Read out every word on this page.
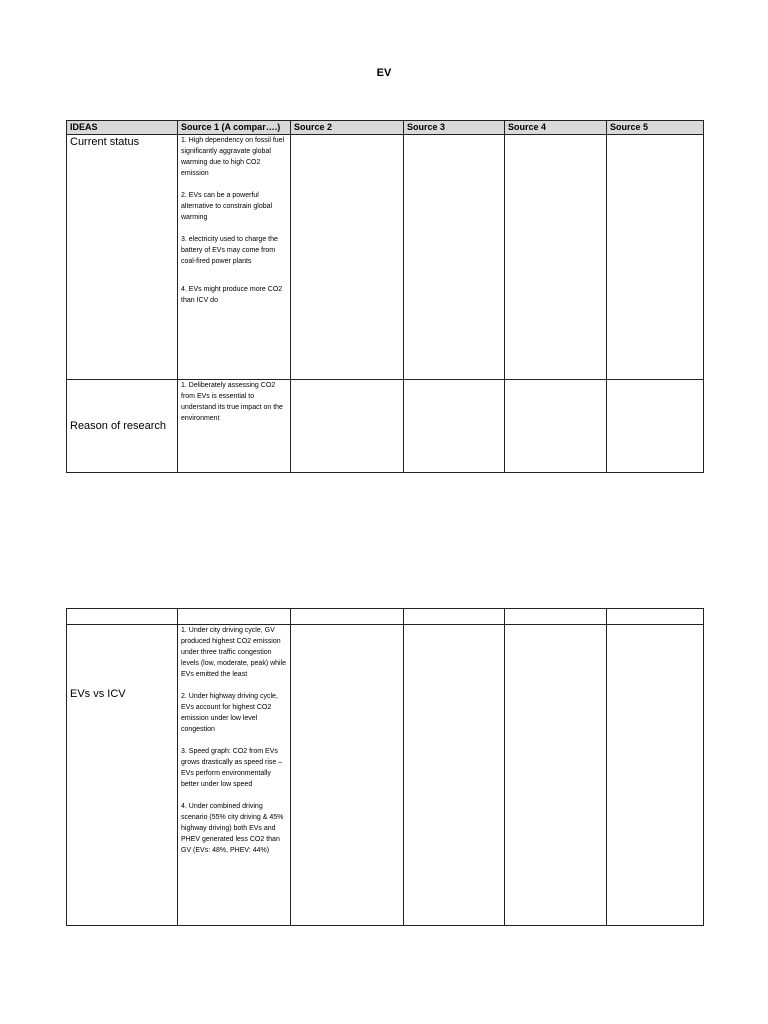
EV
IDEAS	Source 1 (A compar….)	Source 2	Source 3	Source 4	Source 5
Current status	1. High dependency on fossil fuel significantly aggravate global warming due to high CO2 emission

2. EVs can be a powerful alternative to constrain global warming

3. electricity used to charge the battery of EVs may come from coal-fired power plants

4. EVs might produce more CO2 than ICV do				

Reason of research	1. Deliberately assessing CO2 from EVs is essential to understand its true impact on the environment				

EVs vs ICV	1. Under city driving cycle, GV produced highest CO2 emission under three traffic congestion levels (low, moderate, peak) while EVs emitted the least

2. Under highway driving cycle, EVs account for highest CO2 emission under low level congestion

3. Speed graph: CO2 from EVs grows drastically as speed rise – EVs perform environmentally better under low speed

4. Under combined driving scenario (55% city driving & 45% highway driving) both EVs and PHEV generated less CO2 than GV (EVs: 48%, PHEV: 44%)				
